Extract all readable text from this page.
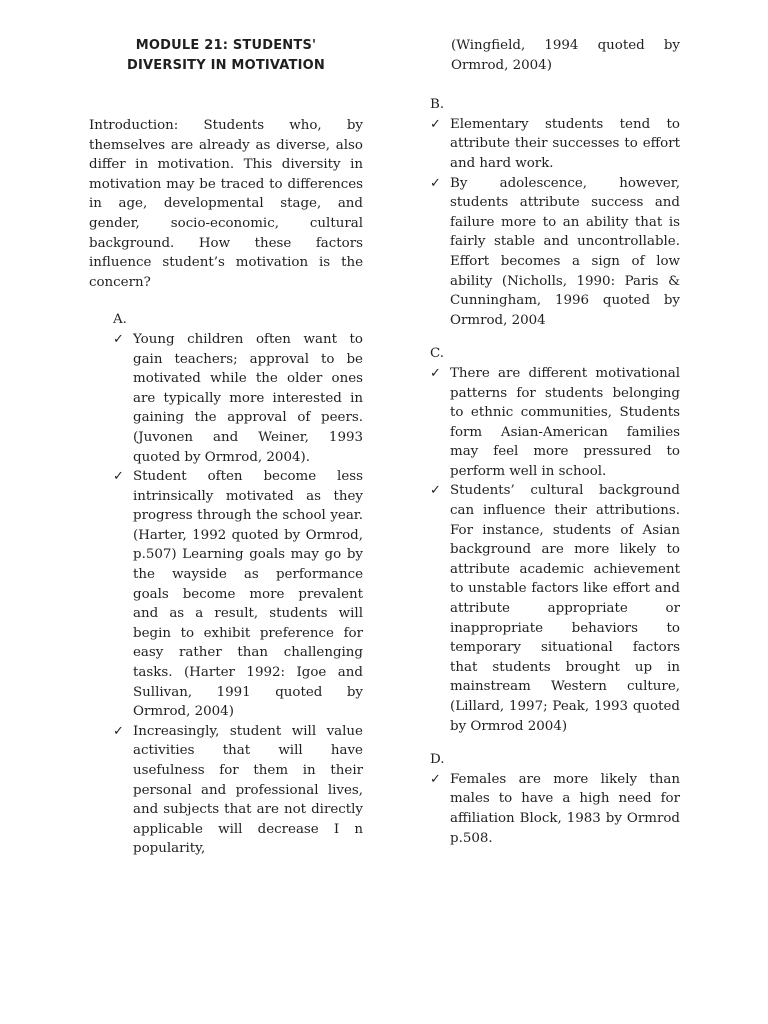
MODULE 21: STUDENTS'
DIVERSITY IN MOTIVATION

Introduction: Students who, by themselves are already as diverse, also differ in motivation. This diversity in motivation may be traced to differences in age, developmental stage, and gender, socio-economic, cultural background. How these factors influence student’s motivation is the concern?

A.

✓ Young children often want to gain teachers; approval to be motivated while the older ones are typically more interested in gaining the approval of peers. (Juvonen and Weiner, 1993 quoted by Ormrod, 2004).
✓ Student often become less intrinsically motivated as they progress through the school year. (Harter, 1992 quoted by Ormrod, p.507) Learning goals may go by the wayside as performance goals become more prevalent and as a result, students will begin to exhibit preference for easy rather than challenging tasks. (Harter 1992: Igoe and Sullivan, 1991 quoted by Ormrod, 2004)
✓ Increasingly, student will value activities that will have usefulness for them in their personal and professional lives, and subjects that are not directly applicable will decrease I n popularity,

(Wingfield, 1994 quoted by Ormrod, 2004)

B.

✓ Elementary students tend to attribute their successes to effort and hard work.
✓ By adolescence, however, students attribute success and failure more to an ability that is fairly stable and uncontrollable. Effort becomes a sign of low ability (Nicholls, 1990: Paris & Cunningham, 1996 quoted by Ormrod, 2004

C.

✓ There are different motivational patterns for students belonging to ethnic communities, Students form Asian-American families may feel more pressured to perform well in school.
✓ Students’ cultural background can influence their attributions. For instance, students of Asian background are more likely to attribute academic achievement to unstable factors like effort and attribute appropriate or inappropriate behaviors to temporary situational factors that students brought up in mainstream Western culture, (Lillard, 1997; Peak, 1993 quoted by Ormrod 2004)

D.

✓ Females are more likely than males to have a high need for affiliation Block, 1983 by Ormrod p.508.
